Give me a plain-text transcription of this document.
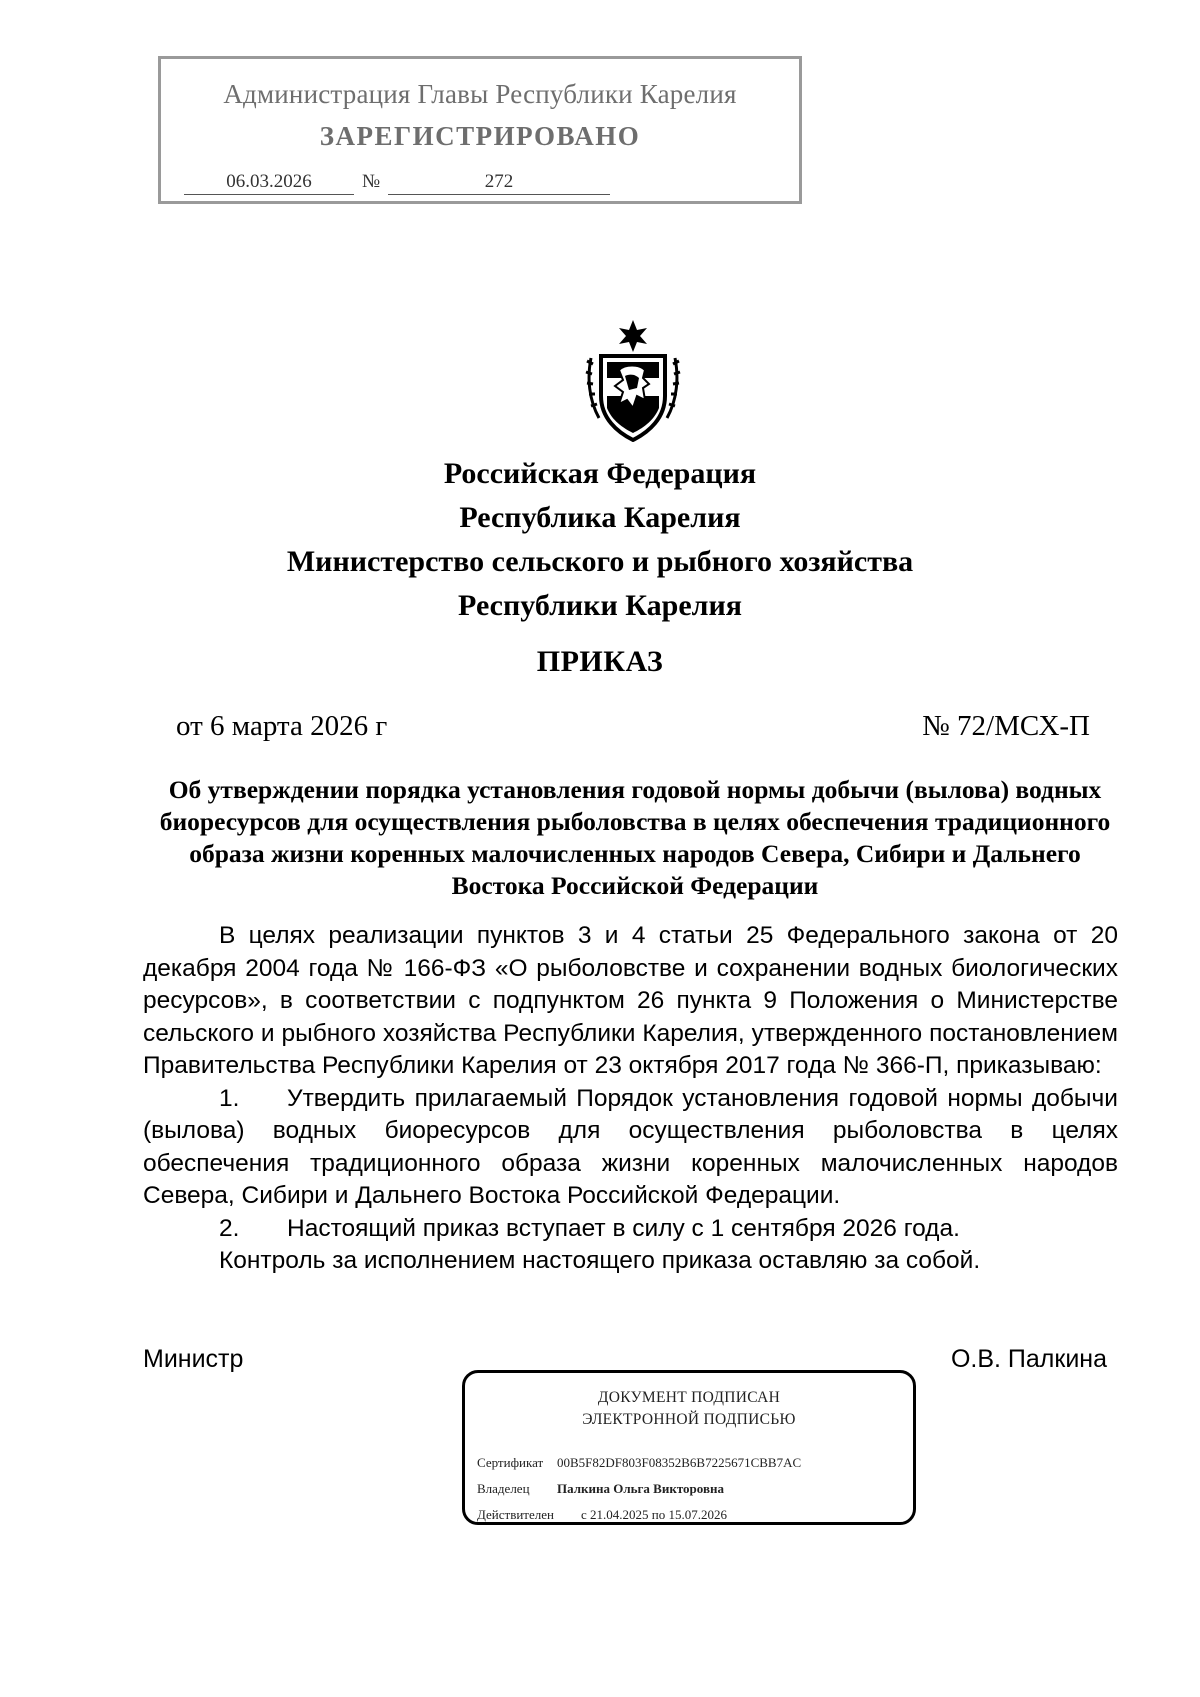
Администрация Главы Республики Карелия
ЗАРЕГИСТРИРОВАНО
06.03.2026	№	272
Российская Федерация
Республика Карелия
Министерство сельского и рыбного хозяйства
Республики Карелия
ПРИКАЗ
от 6 марта 2026 г	№ 72/МСХ-П
Об утверждении порядка установления годовой нормы добычи (вылова) водных биоресурсов для осуществления рыболовства в целях обеспечения традиционного образа жизни коренных малочисленных народов Севера, Сибири и Дальнего Востока Российской Федерации

В целях реализации пунктов 3 и 4 статьи 25 Федерального закона от 20 декабря 2004 года № 166-ФЗ «О рыболовстве и сохранении водных биологических ресурсов», в соответствии с подпунктом 26 пункта 9 Положения о Министерстве сельского и рыбного хозяйства Республики Карелия, утвержденного постановлением Правительства Республики Карелия от 23 октября 2017 года № 366-П, приказываю:

1. Утвердить прилагаемый Порядок установления годовой нормы добычи (вылова) водных биоресурсов для осуществления рыболовства в целях обеспечения традиционного образа жизни коренных малочисленных народов Севера, Сибири и Дальнего Востока Российской Федерации.

2. Настоящий приказ вступает в силу с 1 сентября 2026 года.

Контроль за исполнением настоящего приказа оставляю за собой.

Министр	О.В. Палкина
ДОКУМЕНТ ПОДПИСАН
ЭЛЕКТРОННОЙ ПОДПИСЬЮ
Сертификат 00B5F82DF803F08352B6B7225671CBB7AC
Владелец Палкина Ольга Викторовна
Действителен с 21.04.2025 по 15.07.2026
